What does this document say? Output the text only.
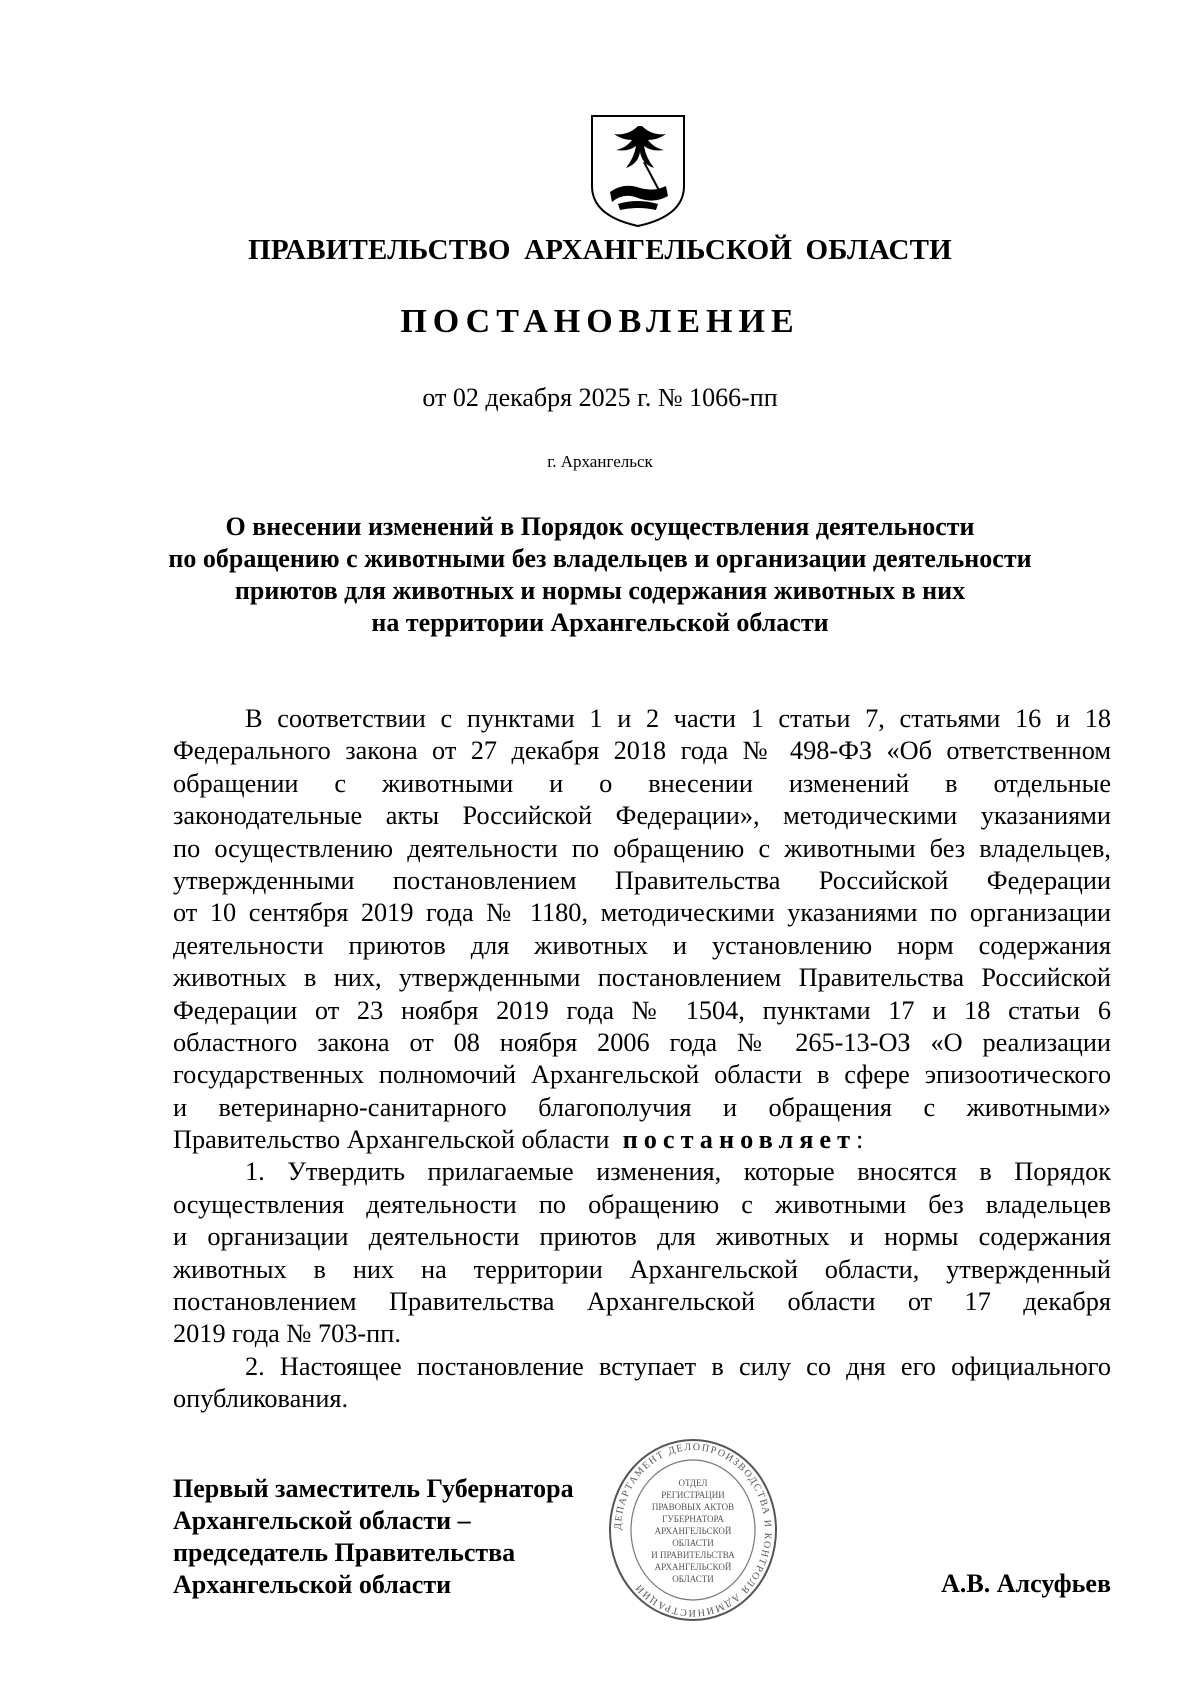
ПРАВИТЕЛЬСТВО АРХАНГЕЛЬСКОЙ ОБЛАСТИ
ПОСТАНОВЛЕНИЕ
от 02 декабря 2025 г. № 1066-пп
г. Архангельск
О внесении изменений в Порядок осуществления деятельности
по обращению с животными без владельцев и организации деятельности
приютов для животных и нормы содержания животных в них
на территории Архангельской области
В соответствии с пунктами 1 и 2 части 1 статьи 7, статьями 16 и 18
Федерального закона от 27 декабря 2018 года № 498-ФЗ «Об ответственном
обращении с животными и о внесении изменений в отдельные
законодательные акты Российской Федерации», методическими указаниями
по осуществлению деятельности по обращению с животными без владельцев,
утвержденными постановлением Правительства Российской Федерации
от 10 сентября 2019 года № 1180, методическими указаниями по организации
деятельности приютов для животных и установлению норм содержания
животных в них, утвержденными постановлением Правительства Российской
Федерации от 23 ноября 2019 года № 1504, пунктами 17 и 18 статьи 6
областного закона от 08 ноября 2006 года № 265-13-ОЗ «О реализации
государственных полномочий Архангельской области в сфере эпизоотического
и ветеринарно-санитарного благополучия и обращения с животными»
Правительство Архангельской области постановляет:
1. Утвердить прилагаемые изменения, которые вносятся в Порядок
осуществления деятельности по обращению с животными без владельцев
и организации деятельности приютов для животных и нормы содержания
животных в них на территории Архангельской области, утвержденный
постановлением Правительства Архангельской области от 17 декабря
2019 года № 703-пп.
2. Настоящее постановление вступает в силу со дня его официального
опубликования.
Первый заместитель Губернатора
Архангельской области –
председатель Правительства
Архангельской области
ДЕПАРТАМЕНТ ДЕЛОПРОИЗВОДСТВА И КОНТРОЛЯ АДМИНИСТРАЦИИ
ОТДЕЛ
РЕГИСТРАЦИИ
ПРАВОВЫХ АКТОВ
ГУБЕРНАТОРА
АРХАНГЕЛЬСКОЙ
ОБЛАСТИ
И ПРАВИТЕЛЬСТВА
АРХАНГЕЛЬСКОЙ
ОБЛАСТИ	А.В. Алсуфьев
